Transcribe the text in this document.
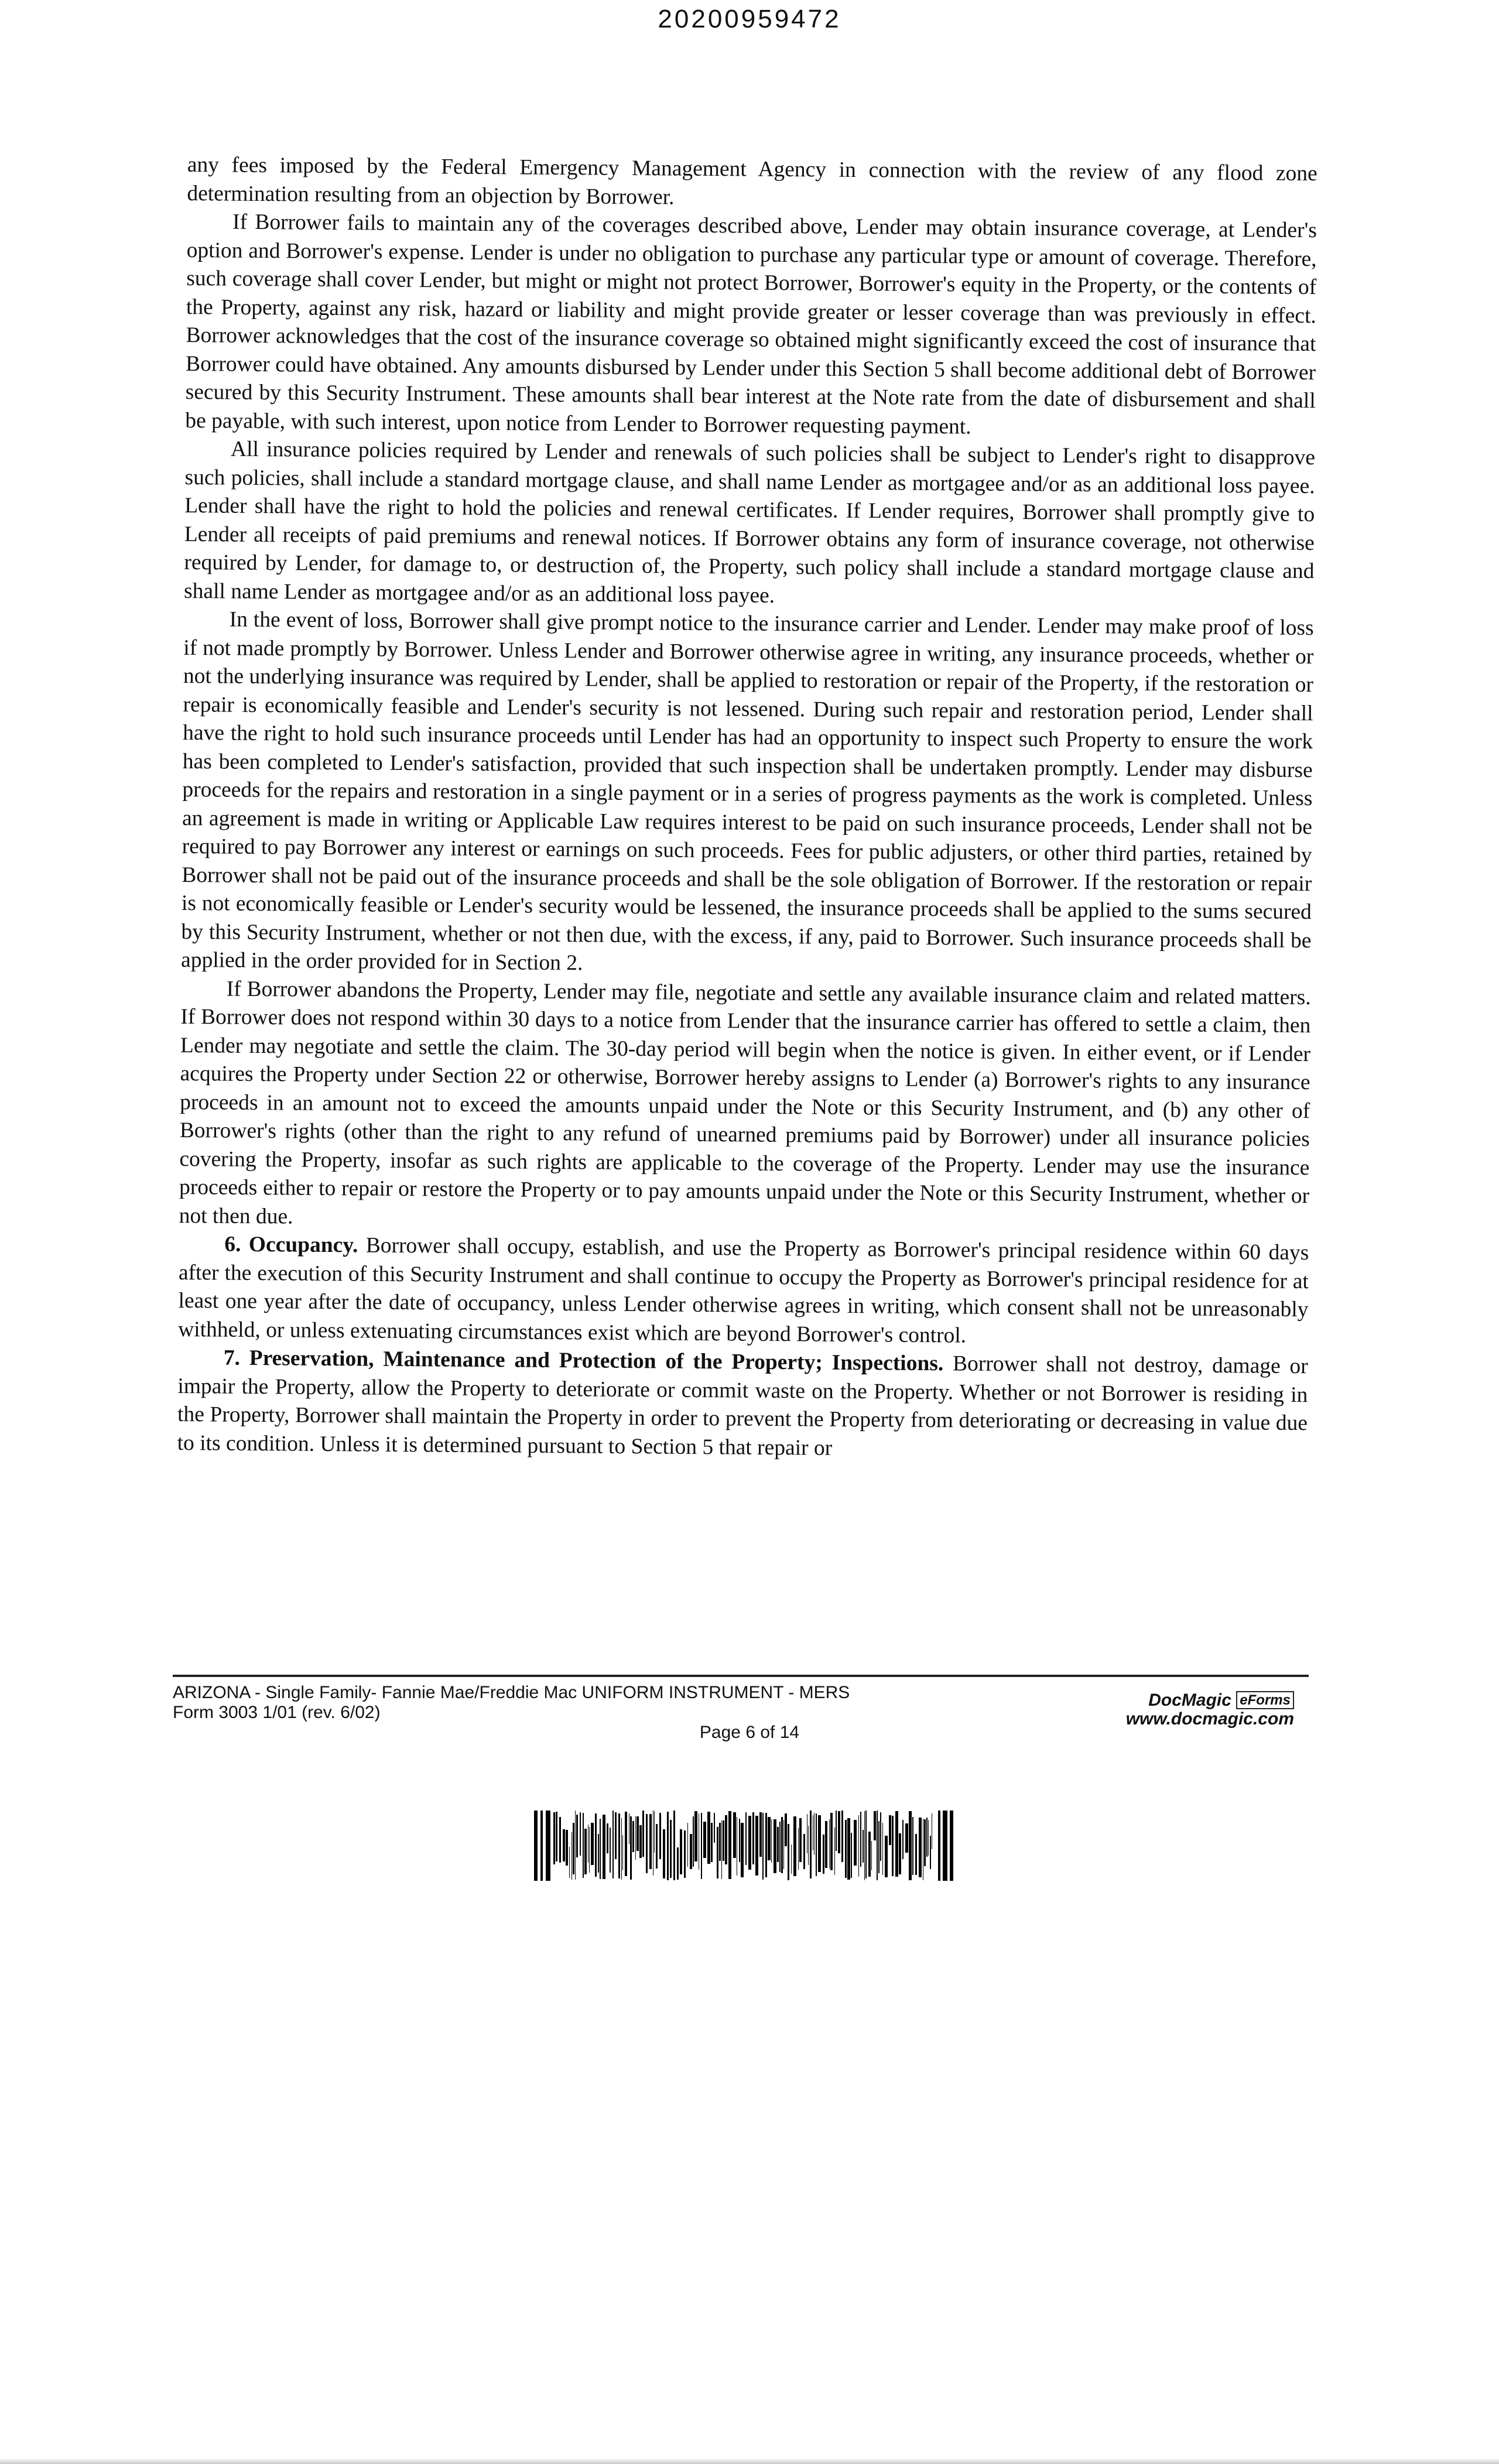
20200959472

any fees imposed by the Federal Emergency Management Agency in connection with the review of any flood zone determination resulting from an objection by Borrower.

If Borrower fails to maintain any of the coverages described above, Lender may obtain insurance coverage, at Lender's option and Borrower's expense. Lender is under no obligation to purchase any particular type or amount of coverage. Therefore, such coverage shall cover Lender, but might or might not protect Borrower, Borrower's equity in the Property, or the contents of the Property, against any risk, hazard or liability and might provide greater or lesser coverage than was previously in effect. Borrower acknowledges that the cost of the insurance coverage so obtained might significantly exceed the cost of insurance that Borrower could have obtained. Any amounts disbursed by Lender under this Section 5 shall become additional debt of Borrower secured by this Security Instrument. These amounts shall bear interest at the Note rate from the date of disbursement and shall be payable, with such interest, upon notice from Lender to Borrower requesting payment.

All insurance policies required by Lender and renewals of such policies shall be subject to Lender's right to disapprove such policies, shall include a standard mortgage clause, and shall name Lender as mortgagee and/or as an additional loss payee. Lender shall have the right to hold the policies and renewal certificates. If Lender requires, Borrower shall promptly give to Lender all receipts of paid premiums and renewal notices. If Borrower obtains any form of insurance coverage, not otherwise required by Lender, for damage to, or destruction of, the Property, such policy shall include a standard mortgage clause and shall name Lender as mortgagee and/or as an additional loss payee.

In the event of loss, Borrower shall give prompt notice to the insurance carrier and Lender. Lender may make proof of loss if not made promptly by Borrower. Unless Lender and Borrower otherwise agree in writing, any insurance proceeds, whether or not the underlying insurance was required by Lender, shall be applied to restoration or repair of the Property, if the restoration or repair is economically feasible and Lender's security is not lessened. During such repair and restoration period, Lender shall have the right to hold such insurance proceeds until Lender has had an opportunity to inspect such Property to ensure the work has been completed to Lender's satisfaction, provided that such inspection shall be undertaken promptly. Lender may disburse proceeds for the repairs and restoration in a single payment or in a series of progress payments as the work is completed. Unless an agreement is made in writing or Applicable Law requires interest to be paid on such insurance proceeds, Lender shall not be required to pay Borrower any interest or earnings on such proceeds. Fees for public adjusters, or other third parties, retained by Borrower shall not be paid out of the insurance proceeds and shall be the sole obligation of Borrower. If the restoration or repair is not economically feasible or Lender's security would be lessened, the insurance proceeds shall be applied to the sums secured by this Security Instrument, whether or not then due, with the excess, if any, paid to Borrower. Such insurance proceeds shall be applied in the order provided for in Section 2.

If Borrower abandons the Property, Lender may file, negotiate and settle any available insurance claim and related matters. If Borrower does not respond within 30 days to a notice from Lender that the insurance carrier has offered to settle a claim, then Lender may negotiate and settle the claim. The 30-day period will begin when the notice is given. In either event, or if Lender acquires the Property under Section 22 or otherwise, Borrower hereby assigns to Lender (a) Borrower's rights to any insurance proceeds in an amount not to exceed the amounts unpaid under the Note or this Security Instrument, and (b) any other of Borrower's rights (other than the right to any refund of unearned premiums paid by Borrower) under all insurance policies covering the Property, insofar as such rights are applicable to the coverage of the Property. Lender may use the insurance proceeds either to repair or restore the Property or to pay amounts unpaid under the Note or this Security Instrument, whether or not then due.

6. Occupancy. Borrower shall occupy, establish, and use the Property as Borrower's principal residence within 60 days after the execution of this Security Instrument and shall continue to occupy the Property as Borrower's principal residence for at least one year after the date of occupancy, unless Lender otherwise agrees in writing, which consent shall not be unreasonably withheld, or unless extenuating circumstances exist which are beyond Borrower's control.

7. Preservation, Maintenance and Protection of the Property; Inspections. Borrower shall not destroy, damage or impair the Property, allow the Property to deteriorate or commit waste on the Property. Whether or not Borrower is residing in the Property, Borrower shall maintain the Property in order to prevent the Property from deteriorating or decreasing in value due to its condition. Unless it is determined pursuant to Section 5 that repair or

ARIZONA - Single Family- Fannie Mae/Freddie Mac UNIFORM INSTRUMENT - MERS
Form 3003 1/01 (rev. 6/02)
DocMagic eForms
www.docmagic.com
Page 6 of 14
